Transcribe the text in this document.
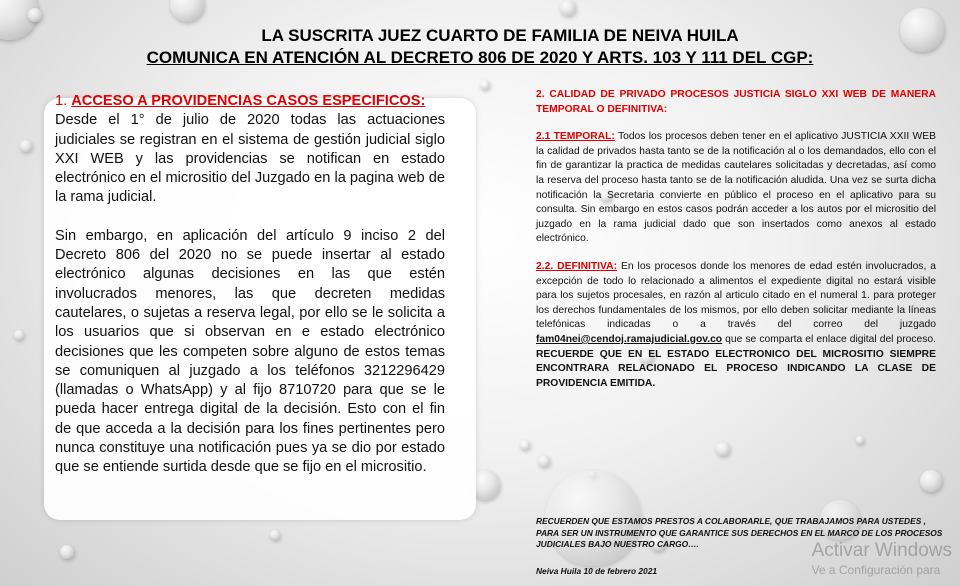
LA SUSCRITA JUEZ CUARTO DE FAMILIA DE NEIVA HUILA
COMUNICA EN ATENCIÓN AL DECRETO 806 DE 2020 Y ARTS. 103 Y 111 DEL CGP:

1. ACCESO A PROVIDENCIAS CASOS ESPECIFICOS:

Desde el 1° de julio de 2020 todas las actuaciones judiciales se registran en el sistema de gestión judicial siglo XXI WEB y las providencias se notifican en estado electrónico en el micrositio del Juzgado en la pagina web de la rama judicial.

Sin embargo, en aplicación del artículo 9 inciso 2 del Decreto 806 del 2020 no se puede insertar al estado electrónico algunas decisiones en las que estén involucrados menores, las que decreten medidas cautelares, o sujetas a reserva legal, por ello se le solicita a los usuarios que si observan en e estado electrónico decisiones que les competen sobre alguno de estos temas se comuniquen al juzgado a los teléfonos 3212296429 (llamadas o WhatsApp) y al fijo 8710720 para que se le pueda hacer entrega digital de la decisión. Esto con el fin de que acceda a la decisión para los fines pertinentes pero nunca constituye una notificación pues ya se dio por estado que se entiende surtida desde que se fijo en el micrositio.

2. CALIDAD DE PRIVADO PROCESOS JUSTICIA SIGLO XXI WEB DE MANERA TEMPORAL O DEFINITIVA:

2.1 TEMPORAL: Todos los procesos deben tener en el aplicativo JUSTICIA XXII WEB la calidad de privados hasta tanto se de la notificación al o los demandados, ello con el fin de garantizar la practica de medidas cautelares solicitadas y decretadas, así como la reserva del proceso hasta tanto se de la notificación aludida. Una vez se surta dicha notificación la Secretaria convierte en público el proceso en el aplicativo para su consulta. Sin embargo en estos casos podrán acceder a los autos por el micrositio del juzgado en la rama judicial dado que son insertados como anexos al estado electrónico.

2.2. DEFINITIVA: En los procesos donde los menores de edad estén involucrados, a excepción de todo lo relacionado a alimentos el expediente digital no estará visible para los sujetos procesales, en razón al articulo citado en el numeral 1. para proteger los derechos fundamentales de los mismos, por ello deben solicitar mediante la líneas telefónicas indicadas o a través del correo del juzgado fam04nei@cendoj.ramajudicial.gov.co que se comparta el enlace digital del proceso. RECUERDE QUE EN EL ESTADO ELECTRONICO DEL MICROSITIO SIEMPRE ENCONTRARA RELACIONADO EL PROCESO INDICANDO LA CLASE DE PROVIDENCIA EMITIDA.

RECUERDEN QUE ESTAMOS PRESTOS A COLABORARLE, QUE TRABAJAMOS PARA USTEDES , PARA SER UN INSTRUMENTO QUE GARANTICE SUS DERECHOS EN EL MARCO DE LOS PROCESOS JUDICIALES BAJO NUESTRO CARGO….
Neiva Huila 10 de febrero 2021
Activar Windows
Ve a Configuración para
